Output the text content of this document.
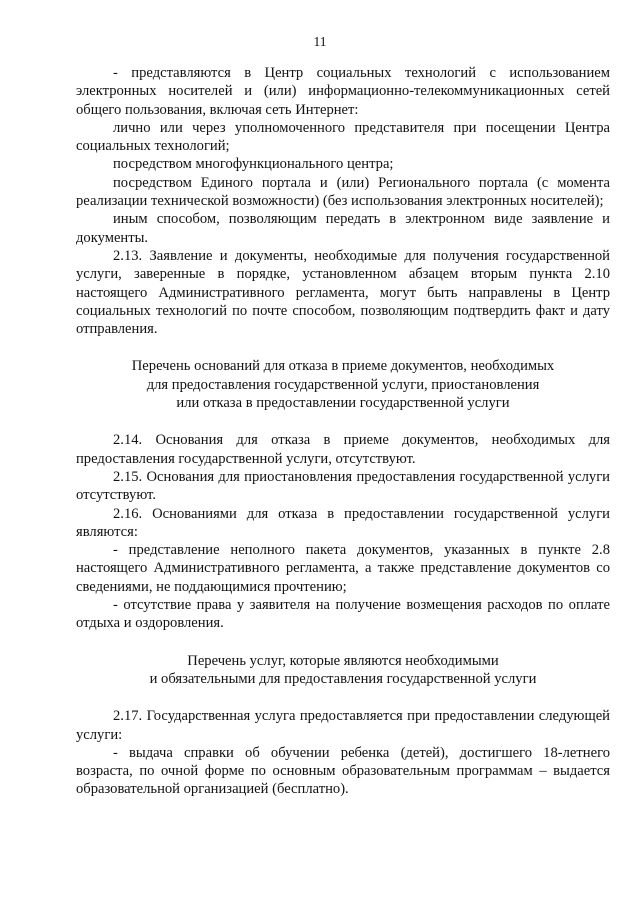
11

- представляются в Центр социальных технологий с использованием электронных носителей и (или) информационно-телекоммуникационных сетей общего пользования, включая сеть Интернет:

лично или через уполномоченного представителя при посещении Центра социальных технологий;

посредством многофункционального центра;

посредством Единого портала и (или) Регионального портала (с момента реализации технической возможности) (без использования электронных носителей);

иным способом, позволяющим передать в электронном виде заявление и документы.

2.13. Заявление и документы, необходимые для получения государственной услуги, заверенные в порядке, установленном абзацем вторым пункта 2.10 настоящего Административного регламента, могут быть направлены в Центр социальных технологий по почте способом, позволяющим подтвердить факт и дату отправления.

Перечень оснований для отказа в приеме документов, необходимых
для предоставления государственной услуги, приостановления
или отказа в предоставлении государственной услуги

2.14. Основания для отказа в приеме документов, необходимых для предоставления государственной услуги, отсутствуют.

2.15. Основания для приостановления предоставления государственной услуги отсутствуют.

2.16. Основаниями для отказа в предоставлении государственной услуги являются:

- представление неполного пакета документов, указанных в пункте 2.8 настоящего Административного регламента, а также представление документов со сведениями, не поддающимися прочтению;

- отсутствие права у заявителя на получение возмещения расходов по оплате отдыха и оздоровления.

Перечень услуг, которые являются необходимыми
и обязательными для предоставления государственной услуги

2.17. Государственная услуга предоставляется при предоставлении следующей услуги:

- выдача справки об обучении ребенка (детей), достигшего 18-летнего возраста, по очной форме по основным образовательным программам – выдается образовательной организацией (бесплатно).
